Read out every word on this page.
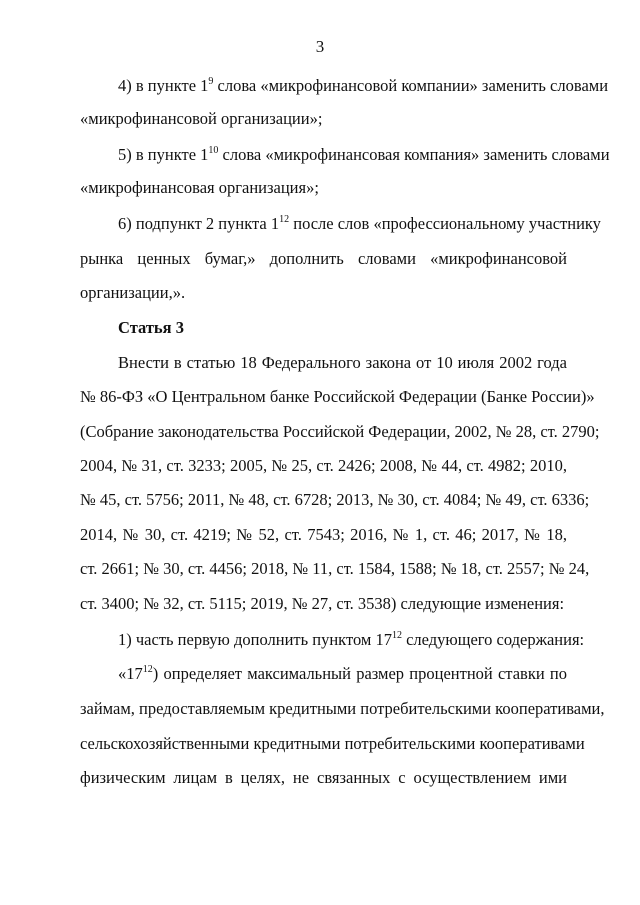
3
4) в пункте $1^9$ слова «микрофинансовой компании» заменить словами
«микрофинансовой организации»;
5) в пункте $1^{10}$ слова «микрофинансовая компания» заменить словами
«микрофинансовая организация»;
6) подпункт 2 пункта $1^{12}$ после слов «профессиональному участнику
рынка ценных бумаг,» дополнить словами «микрофинансовой
организации,».
Статья 3
Внести в статью 18 Федерального закона от 10 июля 2002 года
№ 86-ФЗ «О Центральном банке Российской Федерации (Банке России)»
(Собрание законодательства Российской Федерации, 2002, № 28, ст. 2790;
2004, № 31, ст. 3233; 2005, № 25, ст. 2426; 2008, № 44, ст. 4982; 2010,
№ 45, ст. 5756; 2011, № 48, ст. 6728; 2013, № 30, ст. 4084; № 49, ст. 6336;
2014, № 30, ст. 4219; № 52, ст. 7543; 2016, № 1, ст. 46; 2017, № 18,
ст. 2661; № 30, ст. 4456; 2018, № 11, ст. 1584, 1588; № 18, ст. 2557; № 24,
ст. 3400; № 32, ст. 5115; 2019, № 27, ст. 3538) следующие изменения:
1) часть первую дополнить пунктом $17^{12}$ следующего содержания:
«$17^{12}$) определяет максимальный размер процентной ставки по
займам, предоставляемым кредитными потребительскими кооперативами,
сельскохозяйственными кредитными потребительскими кооперативами
физическим лицам в целях, не связанных с осуществлением ими
